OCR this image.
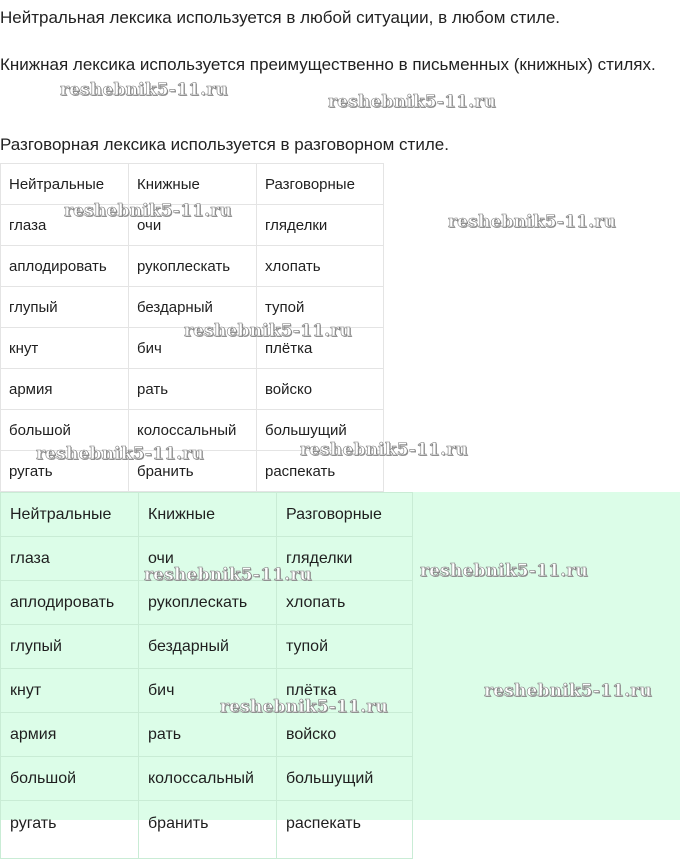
Нейтральная лексика используется в любой ситуации, в любом стиле.

Книжная лексика используется преимущественно в письменных (книжных) стилях.

Разговорная лексика используется в разговорном стиле.

Нейтральные	Книжные	Разговорные
глаза	очи	гляделки
аплодировать	рукоплескать	хлопать
глупый	бездарный	тупой
кнут	бич	плётка
армия	рать	войско
большой	колоссальный	большущий
ругать	бранить	распекать
Нейтральные	Книжные	Разговорные
глаза	очи	гляделки
аплодировать	рукоплескать	хлопать
глупый	бездарный	тупой
кнут	бич	плётка
армия	рать	войско
большой	колоссальный	большущий
ругать	бранить	распекать
reshebnik5-11.ru
reshebnik5-11.ru
reshebnik5-11.ru
reshebnik5-11.ru
reshebnik5-11.ru
reshebnik5-11.ru	reshebnik5-11.ru
reshebnik5-11.ru	reshebnik5-11.ru
reshebnik5-11.ru
reshebnik5-11.ru
